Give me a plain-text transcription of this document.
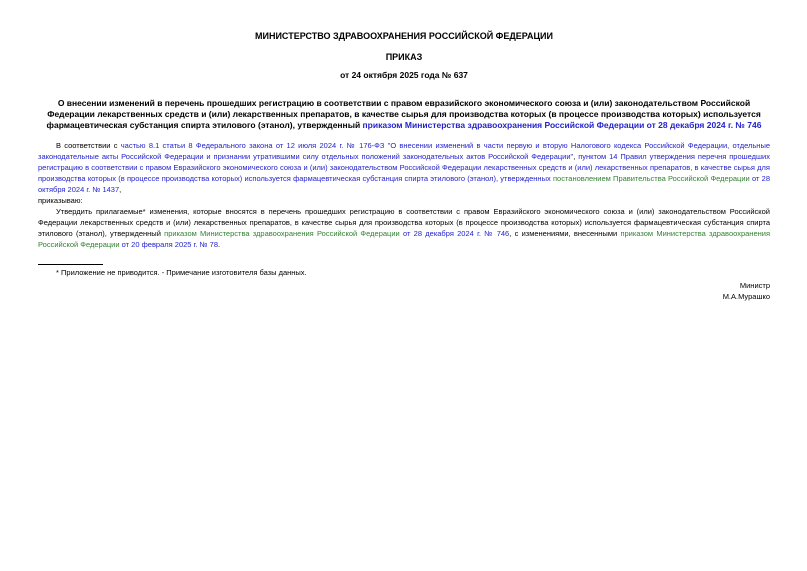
МИНИСТЕРСТВО ЗДРАВООХРАНЕНИЯ РОССИЙСКОЙ ФЕДЕРАЦИИ
ПРИКАЗ
от 24 октября 2025 года № 637
О внесении изменений в перечень прошедших регистрацию в соответствии с правом евразийского экономического союза и (или) законодательством Российской Федерации лекарственных средств и (или) лекарственных препаратов, в качестве сырья для производства которых (в процессе производства которых) используется фармацевтическая субстанция спирта этилового (этанол), утвержденный приказом Министерства здравоохранения Российской Федерации от 28 декабря 2024 г. № 746
В соответствии с частью 8.1 статьи 8 Федерального закона от 12 июля 2024 г. № 176-ФЗ "О внесении изменений в части первую и вторую Налогового кодекса Российской Федерации, отдельные законодательные акты Российской Федерации и признании утратившими силу отдельных положений законодательных актов Российской Федерации", пунктом 14 Правил утверждения перечня прошедших регистрацию в соответствии с правом Евразийского экономического союза и (или) законодательством Российской Федерации лекарственных средств и (или) лекарственных препаратов, в качестве сырья для производства которых (в процессе производства которых) используется фармацевтическая субстанция спирта этилового (этанол), утвержденных постановлением Правительства Российской Федерации от 28 октября 2024 г. № 1437,
приказываю:
Утвердить прилагаемые* изменения, которые вносятся в перечень прошедших регистрацию в соответствии с правом Евразийского экономического союза и (или) законодательством Российской Федерации лекарственных средств и (или) лекарственных препаратов, в качестве сырья для производства которых (в процессе производства которых) используется фармацевтическая субстанция спирта этилового (этанол), утвержденный приказом Министерства здравоохранения Российской Федерации от 28 декабря 2024 г. № 746, с изменениями, внесенными приказом Министерства здравоохранения Российской Федерации от 20 февраля 2025 г. № 78.
* Приложение не приводится. - Примечание изготовителя базы данных.
Министр
М.А.Мурашко
